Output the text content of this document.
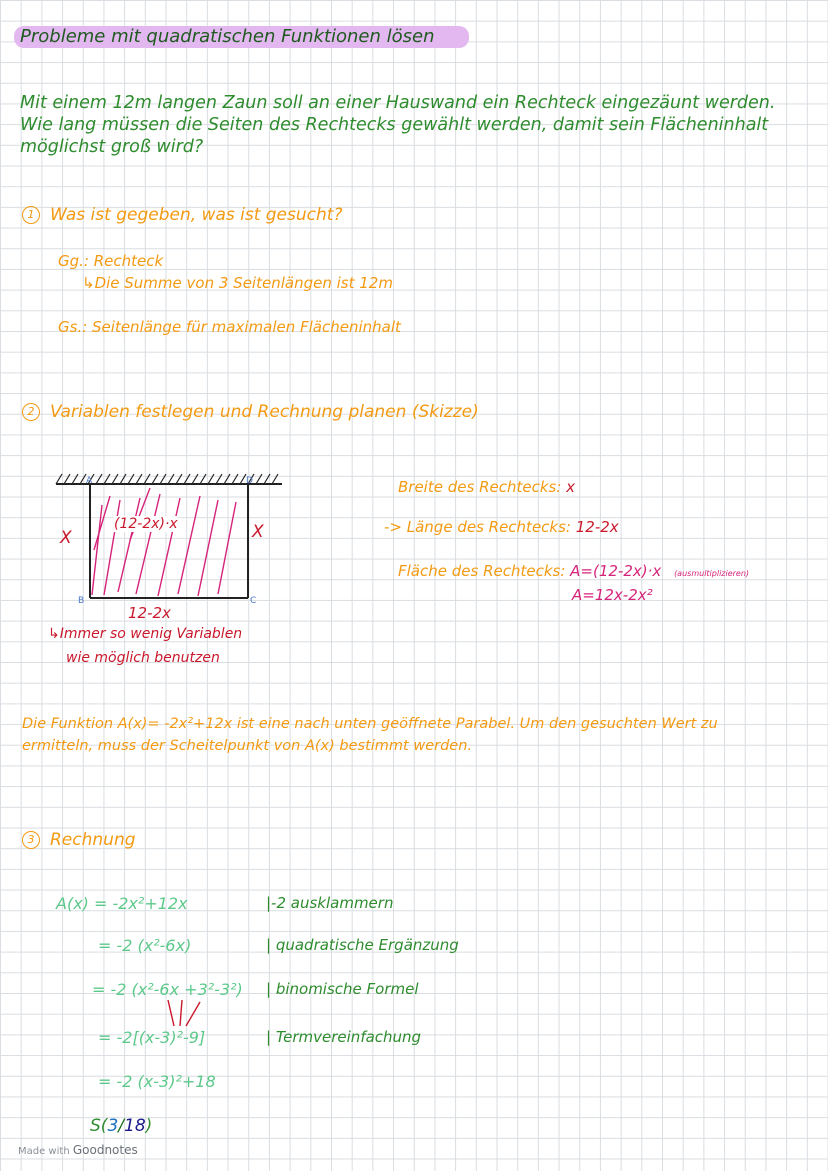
Probleme mit quadratischen Funktionen lösen
Mit einem 12m langen Zaun soll an einer Hauswand ein Rechteck eingezäunt werden. Wie lang müssen die Seiten des Rechtecks gewählt werden, damit sein Flächeninhalt möglichst groß wird?
1 Was ist gegeben, was ist gesucht?
Gg.: Rechteck
↳Die Summe von 3 Seitenlängen ist 12m
Gs.: Seitenlänge für maximalen Flächeninhalt
2 Variablen festlegen und Rechnung planen (Skizze)
A	D
B	C
(12-2x)·x
X	X
12-2x
↳Immer so wenig Variablen
wie möglich benutzen
Breite des Rechtecks: x
-> Länge des Rechtecks: 12-2x
Fläche des Rechtecks: A=(12-2x)·x (ausmultiplizieren)
A=12x-2x²
Die Funktion A(x)= -2x²+12x ist eine nach unten geöffnete Parabel. Um den gesuchten Wert zu
ermitteln, muss der Scheitelpunkt von A(x) bestimmt werden.
3 Rechnung
A(x) = -2x²+12x	|-2 ausklammern
= -2 (x²-6x)	| quadratische Ergänzung
= -2 (x²-6x +3²-3²) | binomische Formel
= -2[(x-3)²-9]	| Termvereinfachung
= -2 (x-3)²+18
S(3/18)
Made with Goodnotes
